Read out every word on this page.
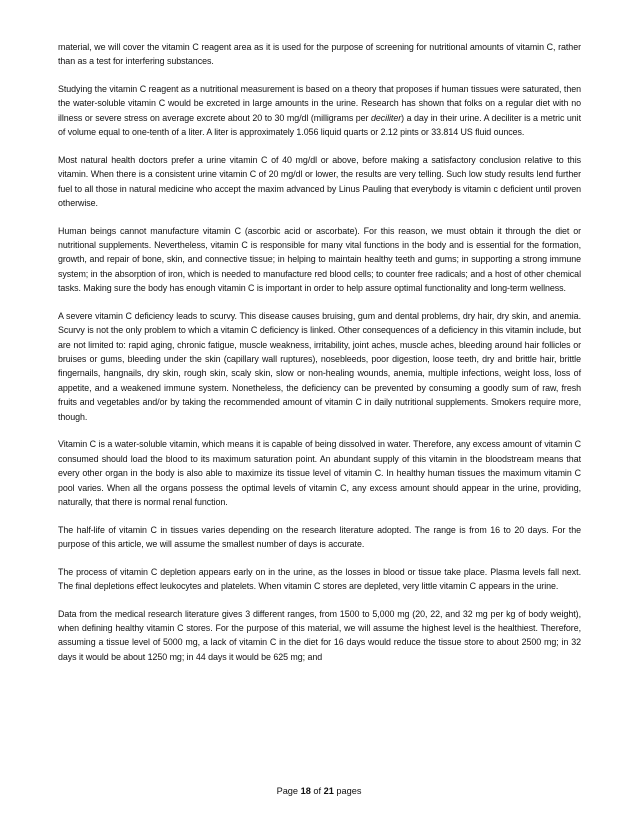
material, we will cover the vitamin C reagent area as it is used for the purpose of screening for nutritional amounts of vitamin C, rather than as a test for interfering substances.

Studying the vitamin C reagent as a nutritional measurement is based on a theory that proposes if human tissues were saturated, then the water-soluble vitamin C would be excreted in large amounts in the urine. Research has shown that folks on a regular diet with no illness or severe stress on average excrete about 20 to 30 mg/dl (milligrams per deciliter) a day in their urine. A deciliter is a metric unit of volume equal to one-tenth of a liter. A liter is approximately 1.056 liquid quarts or 2.12 pints or 33.814 US fluid ounces.

Most natural health doctors prefer a urine vitamin C of 40 mg/dl or above, before making a satisfactory conclusion relative to this vitamin. When there is a consistent urine vitamin C of 20 mg/dl or lower, the results are very telling. Such low study results lend further fuel to all those in natural medicine who accept the maxim advanced by Linus Pauling that everybody is vitamin c deficient until proven otherwise.

Human beings cannot manufacture vitamin C (ascorbic acid or ascorbate). For this reason, we must obtain it through the diet or nutritional supplements. Nevertheless, vitamin C is responsible for many vital functions in the body and is essential for the formation, growth, and repair of bone, skin, and connective tissue; in helping to maintain healthy teeth and gums; in supporting a strong immune system; in the absorption of iron, which is needed to manufacture red blood cells; to counter free radicals; and a host of other chemical tasks. Making sure the body has enough vitamin C is important in order to help assure optimal functionality and long-term wellness.

A severe vitamin C deficiency leads to scurvy. This disease causes bruising, gum and dental problems, dry hair, dry skin, and anemia. Scurvy is not the only problem to which a vitamin C deficiency is linked. Other consequences of a deficiency in this vitamin include, but are not limited to: rapid aging, chronic fatigue, muscle weakness, irritability, joint aches, muscle aches, bleeding around hair follicles or bruises or gums, bleeding under the skin (capillary wall ruptures), nosebleeds, poor digestion, loose teeth, dry and brittle hair, brittle fingernails, hangnails, dry skin, rough skin, scaly skin, slow or non-healing wounds, anemia, multiple infections, weight loss, loss of appetite, and a weakened immune system. Nonetheless, the deficiency can be prevented by consuming a goodly sum of raw, fresh fruits and vegetables and/or by taking the recommended amount of vitamin C in daily nutritional supplements. Smokers require more, though.

Vitamin C is a water-soluble vitamin, which means it is capable of being dissolved in water. Therefore, any excess amount of vitamin C consumed should load the blood to its maximum saturation point. An abundant supply of this vitamin in the bloodstream means that every other organ in the body is also able to maximize its tissue level of vitamin C. In healthy human tissues the maximum vitamin C pool varies. When all the organs possess the optimal levels of vitamin C, any excess amount should appear in the urine, providing, naturally, that there is normal renal function.

The half-life of vitamin C in tissues varies depending on the research literature adopted. The range is from 16 to 20 days. For the purpose of this article, we will assume the smallest number of days is accurate.

The process of vitamin C depletion appears early on in the urine, as the losses in blood or tissue take place. Plasma levels fall next. The final depletions effect leukocytes and platelets. When vitamin C stores are depleted, very little vitamin C appears in the urine.

Data from the medical research literature gives 3 different ranges, from 1500 to 5,000 mg (20, 22, and 32 mg per kg of body weight), when defining healthy vitamin C stores. For the purpose of this material, we will assume the highest level is the healthiest. Therefore, assuming a tissue level of 5000 mg, a lack of vitamin C in the diet for 16 days would reduce the tissue store to about 2500 mg; in 32 days it would be about 1250 mg; in 44 days it would be 625 mg; and

Page 18 of 21 pages
